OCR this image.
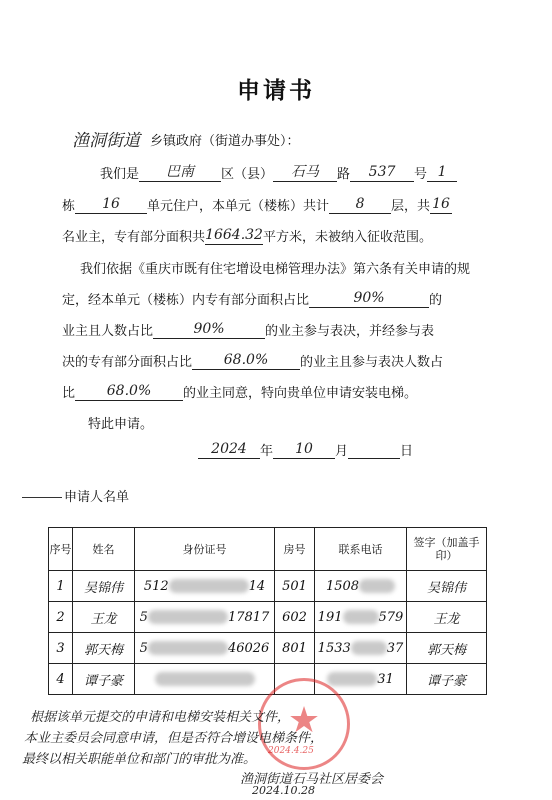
申请书
渔洞街道 乡镇政府（街道办事处）：
我们是 巴南 区（县） 石马 路 537 号 1
栋 16 单元住户，本单元（楼栋）共计 8 层，共 16
名业主，专有部分面积共1664.32平方米，未被纳入征收范围。
我们依据《重庆市既有住宅增设电梯管理办法》第六条有关申请的规
定，经本单元（楼栋）内专有部分面积占比	90%	的
业主且人数占比	90%	的业主参与表决，并经参与表
决的专有部分面积占比 68.0% 的业主且参与表决人数占
比 68.0% 的业主同意，特向贵单位申请安装电梯。
特此申请。
2024 年 10 月	日
申请人名单
序号	姓名	身份证号	房号	联系电话	签字（加盖手印）
1	吴锦伟	512 14	501	1508	吴锦伟
2	王龙	5 17817	602	191 579	王龙
3	郭天梅	5 46026	801	1533 37	郭天梅
4	谭子豪			31	谭子豪
★
根据该单元提交的申请和电梯安装相关文件，
本业主委员会同意申请，但是否符合增设电梯条件，
最终以相关职能单位和部门的审批为准。
渔洞街道石马社区居委会
2024.10.28
2024.4.25
